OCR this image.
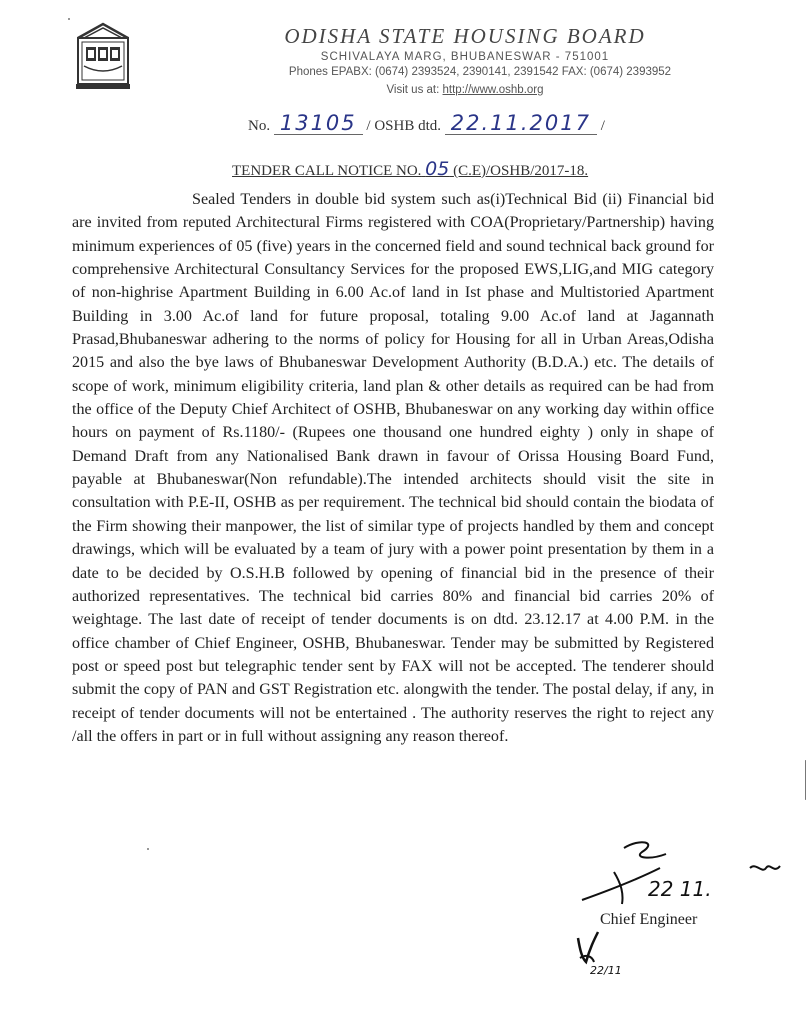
ODISHA STATE HOUSING BOARD
SCHIVALAYA MARG, BHUBANESWAR - 751001
Phones EPABX: (0674) 2393524, 2390141, 2391542 FAX: (0674) 2393952
Visit us at: http://www.oshb.org
No. 13105 / OSHB dtd. 22.11.2017 /
TENDER CALL NOTICE NO. 05 (C.E)/OSHB/2017-18.
Sealed Tenders in double bid system such as(i)Technical Bid (ii) Financial bid are invited from reputed Architectural Firms registered with COA(Proprietary/Partnership) having minimum experiences of 05 (five) years in the concerned field and sound technical back ground for comprehensive Architectural Consultancy Services for the proposed EWS,LIG,and MIG category of non-highrise Apartment Building in 6.00 Ac.of land in Ist phase and Multistoried Apartment Building in 3.00 Ac.of land for future proposal, totaling 9.00 Ac.of land at Jagannath Prasad,Bhubaneswar adhering to the norms of policy for Housing for all in Urban Areas,Odisha 2015 and also the bye laws of Bhubaneswar Development Authority (B.D.A.) etc. The details of scope of work, minimum eligibility criteria, land plan & other details as required can be had from the office of the Deputy Chief Architect of OSHB, Bhubaneswar on any working day within office hours on payment of Rs.1180/- (Rupees one thousand one hundred eighty ) only in shape of Demand Draft from any Nationalised Bank drawn in favour of Orissa Housing Board Fund, payable at Bhubaneswar(Non refundable).The intended architects should visit the site in consultation with P.E-II, OSHB as per requirement. The technical bid should contain the biodata of the Firm showing their manpower, the list of similar type of projects handled by them and concept drawings, which will be evaluated by a team of jury with a power point presentation by them in a date to be decided by O.S.H.B followed by opening of financial bid in the presence of their authorized representatives. The technical bid carries 80% and financial bid carries 20% of weightage. The last date of receipt of tender documents is on dtd. 23.12.17 at 4.00 P.M. in the office chamber of Chief Engineer, OSHB, Bhubaneswar. Tender may be submitted by Registered post or speed post but telegraphic tender sent by FAX will not be accepted. The tenderer should submit the copy of PAN and GST Registration etc. alongwith the tender. The postal delay, if any, in receipt of tender documents will not be entertained . The authority reserves the right to reject any /all the offers in part or in full without assigning any reason thereof.
22 11.
22/11
Chief Engineer
